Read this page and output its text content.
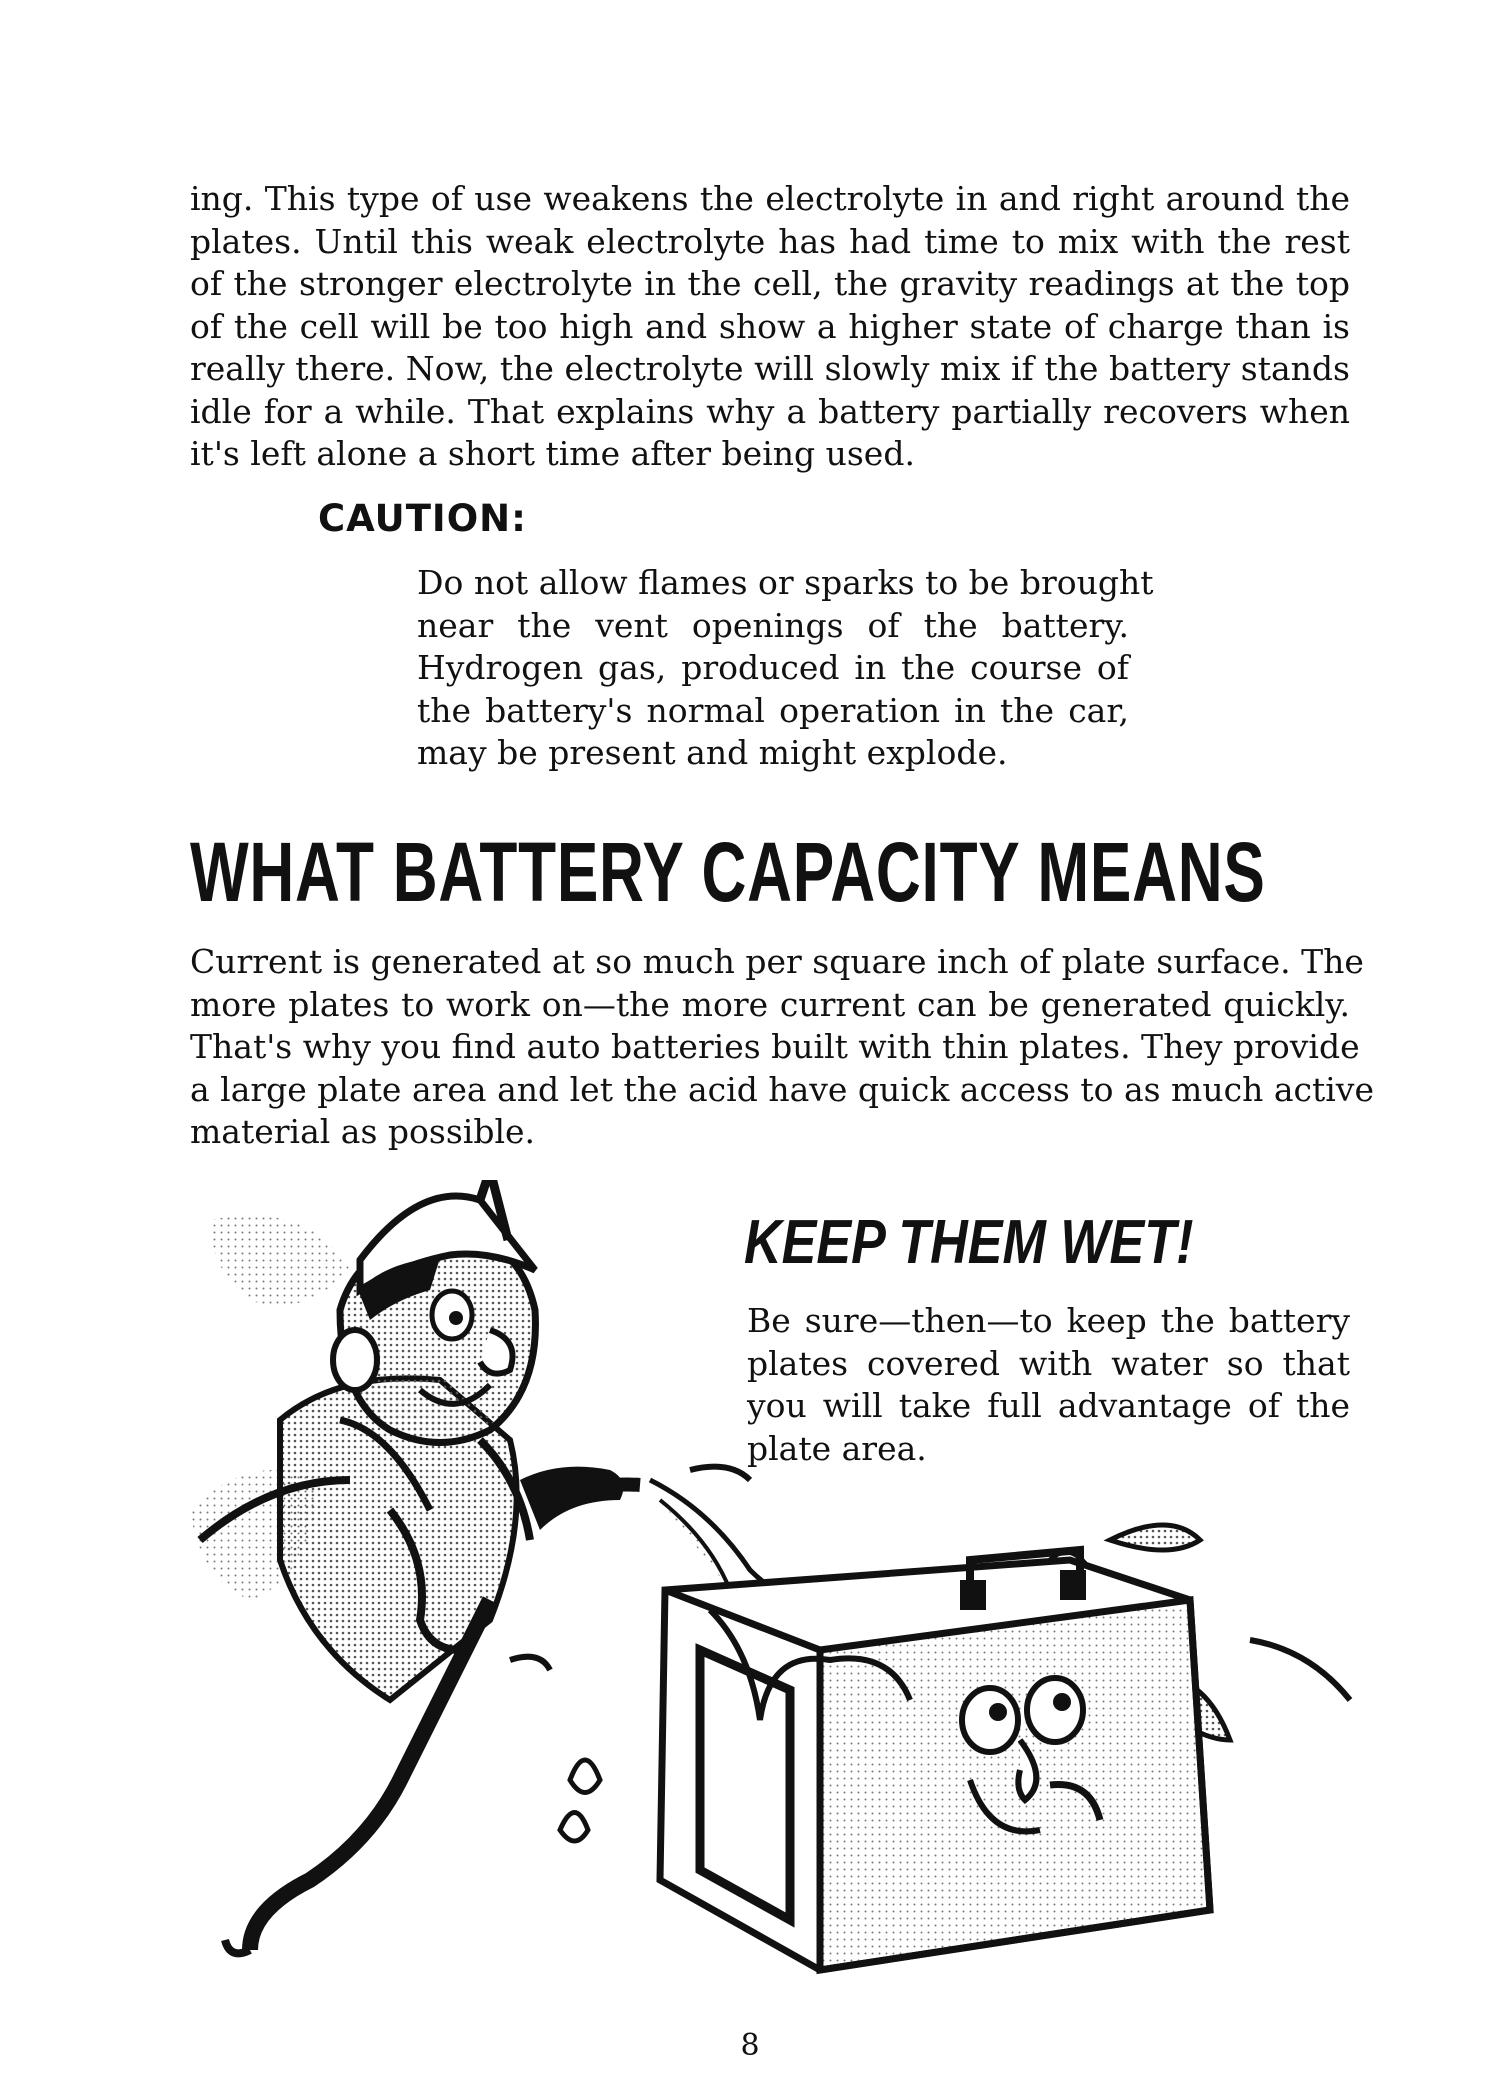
ing. This type of use weakens the electrolyte in and right around the
plates. Until this weak electrolyte has had time to mix with the rest
of the stronger electrolyte in the cell, the gravity readings at the top
of the cell will be too high and show a higher state of charge than is
really there. Now, the electrolyte will slowly mix if the battery stands
idle for a while. That explains why a battery partially recovers when
it's left alone a short time after being used.
CAUTION:
Do not allow flames or sparks to be brought
near the vent openings of the battery.
Hydrogen gas, produced in the course of
the battery's normal operation in the car,
may be present and might explode.
WHAT BATTERY CAPACITY MEANS
Current is generated at so much per square inch of plate surface. The
more plates to work on—the more current can be generated quickly.
That's why you find auto batteries built with thin plates. They provide
a large plate area and let the acid have quick access to as much active
material as possible.
KEEP THEM WET!
Be sure—then—to keep the battery
plates covered with water so that
you will take full advantage of the
plate area.

8
